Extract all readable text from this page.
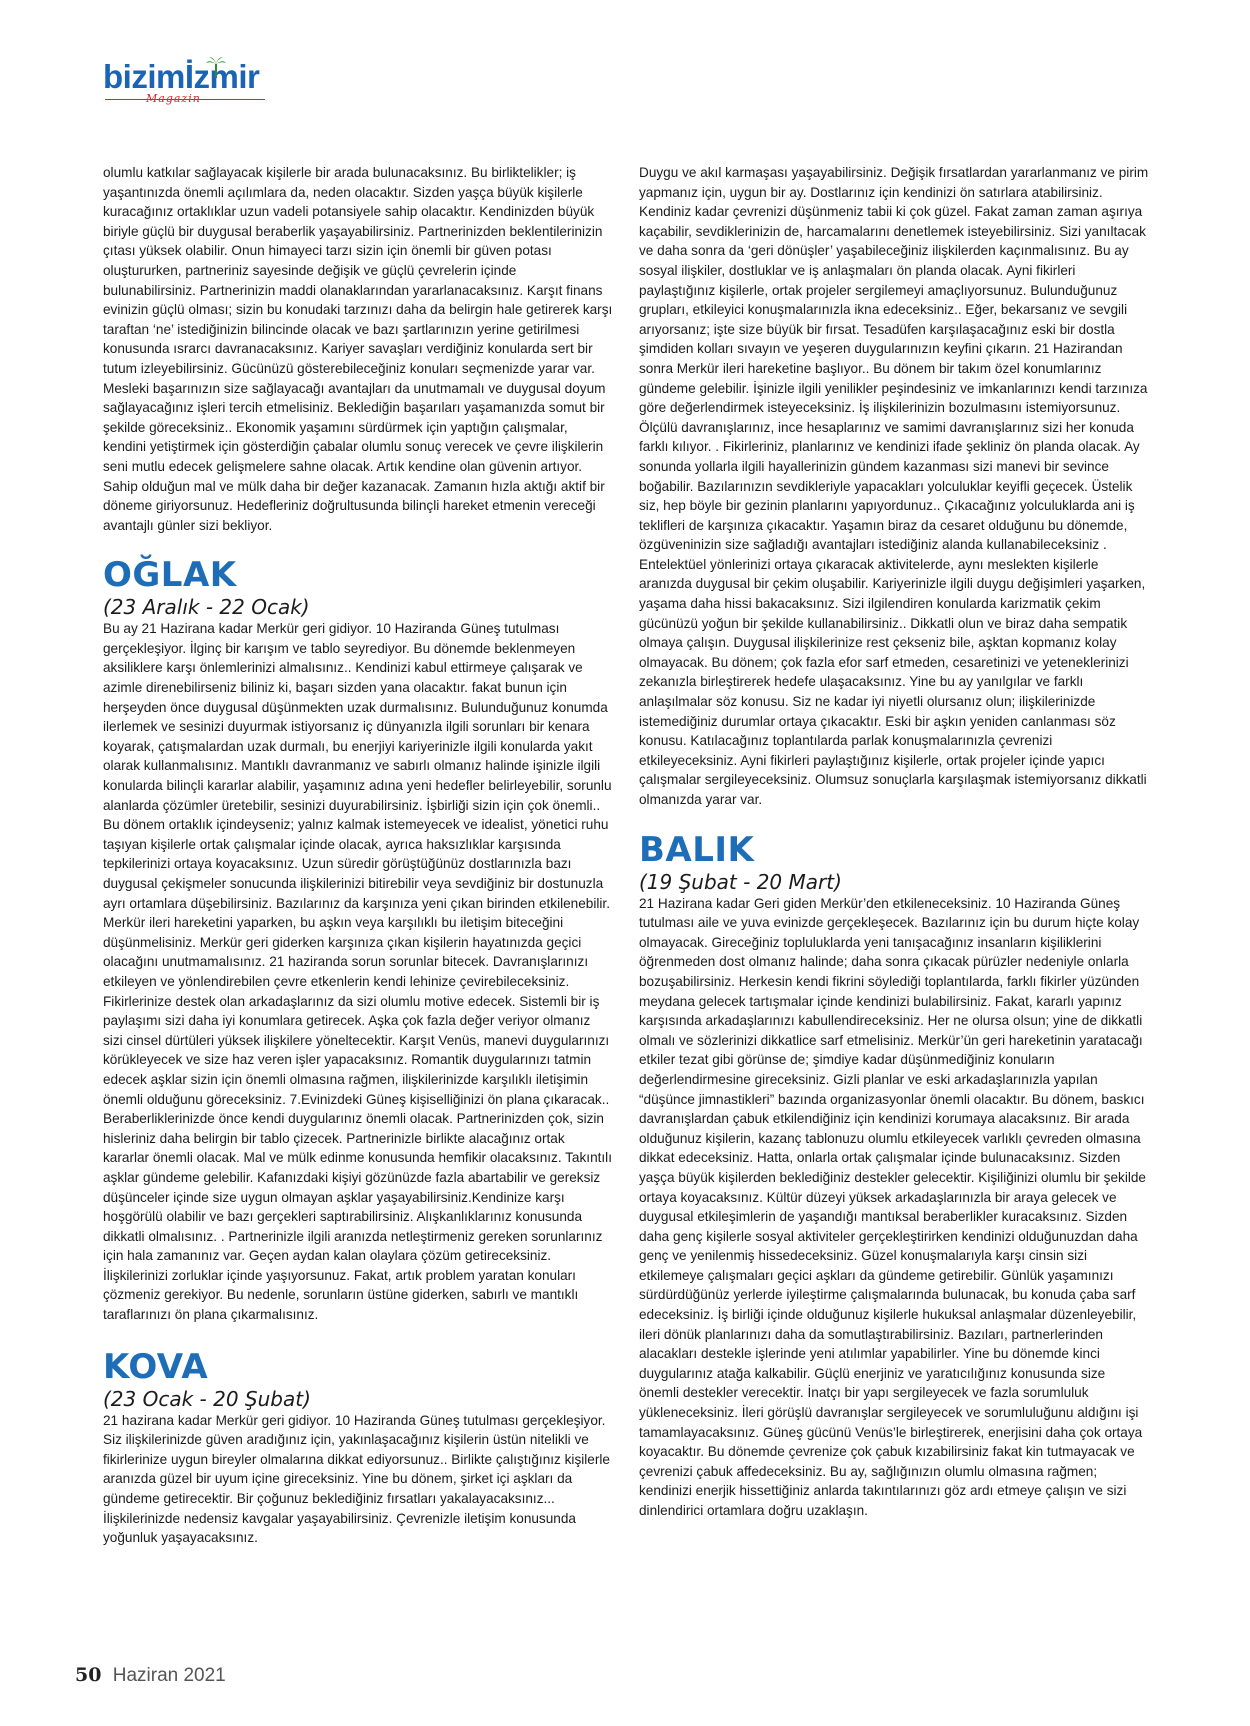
bizimİzmir
Magazin

olumlu katkılar sağlayacak kişilerle bir arada bulunacaksınız. Bu birliktelikler; iş yaşantınızda önemli açılımlara da, neden olacaktır. Sizden yaşça büyük kişilerle kuracağınız ortaklıklar uzun vadeli potansiyele sahip olacaktır. Kendinizden büyük biriyle güçlü bir duygusal beraberlik yaşayabilirsiniz. Partnerinizden beklentilerinizin çıtası yüksek olabilir. Onun himayeci tarzı sizin için önemli bir güven potası oluştururken, partneriniz sayesinde değişik ve güçlü çevrelerin içinde bulunabilirsiniz. Partnerinizin maddi olanaklarından yararlanacaksınız. Karşıt finans evinizin güçlü olması; sizin bu konudaki tarzınızı daha da belirgin hale getirerek karşı taraftan ‘ne’ istediğinizin bilincinde olacak ve bazı şartlarınızın yerine getirilmesi konusunda ısrarcı davranacaksınız. Kariyer savaşları verdiğiniz konularda sert bir tutum izleyebilirsiniz. Gücünüzü gösterebileceğiniz konuları seçmenizde yarar var. Mesleki başarınızın size sağlayacağı avantajları da unutmamalı ve duygusal doyum sağlayacağınız işleri tercih etmelisiniz. Beklediğin başarıları yaşamanızda somut bir şekilde göreceksiniz.. Ekonomik yaşamını sürdürmek için yaptığın çalışmalar, kendini yetiştirmek için gösterdiğin çabalar olumlu sonuç verecek ve çevre ilişkilerin seni mutlu edecek gelişmelere sahne olacak. Artık kendine olan güvenin artıyor. Sahip olduğun mal ve mülk daha bir değer kazanacak. Zamanın hızla aktığı aktif bir döneme giriyorsunuz. Hedefleriniz doğrultusunda bilinçli hareket etmenin vereceği avantajlı günler sizi bekliyor.

OĞLAK

(23 Aralık - 22 Ocak)

Bu ay 21 Hazirana kadar Merkür geri gidiyor. 10 Haziranda Güneş tutulması gerçekleşiyor. İlginç bir karışım ve tablo seyrediyor. Bu dönemde beklenmeyen aksiliklere karşı önlemlerinizi almalısınız.. Kendinizi kabul ettirmeye çalışarak ve azimle direnebilirseniz biliniz ki, başarı sizden yana olacaktır. fakat bunun için herşeyden önce duygusal düşünmekten uzak durmalısınız. Bulunduğunuz konumda ilerlemek ve sesinizi duyurmak istiyorsanız iç dünyanızla ilgili sorunları bir kenara koyarak, çatışmalardan uzak durmalı, bu enerjiyi kariyerinizle ilgili konularda yakıt olarak kullanmalısınız. Mantıklı davranmanız ve sabırlı olmanız halinde işinizle ilgili konularda bilinçli kararlar alabilir, yaşamınız adına yeni hedefler belirleyebilir, sorunlu alanlarda çözümler üretebilir, sesinizi duyurabilirsiniz. İşbirliği sizin için çok önemli.. Bu dönem ortaklık içindeyseniz; yalnız kalmak istemeyecek ve idealist, yönetici ruhu taşıyan kişilerle ortak çalışmalar içinde olacak, ayrıca haksızlıklar karşısında tepkilerinizi ortaya koyacaksınız. Uzun süredir görüştüğünüz dostlarınızla bazı duygusal çekişmeler sonucunda ilişkilerinizi bitirebilir veya sevdiğiniz bir dostunuzla ayrı ortamlara düşebilirsiniz. Bazılarınız da karşınıza yeni çıkan birinden etkilenebilir. Merkür ileri hareketini yaparken, bu aşkın veya karşılıklı bu iletişim biteceğini düşünmelisiniz. Merkür geri giderken karşınıza çıkan kişilerin hayatınızda geçici olacağını unutmamalısınız. 21 haziranda sorun sorunlar bitecek. Davranışlarınızı etkileyen ve yönlendirebilen çevre etkenlerin kendi lehinize çevirebileceksiniz. Fikirlerinize destek olan arkadaşlarınız da sizi olumlu motive edecek. Sistemli bir iş paylaşımı sizi daha iyi konumlara getirecek. Aşka çok fazla değer veriyor olmanız sizi cinsel dürtüleri yüksek ilişkilere yöneltecektir. Karşıt Venüs, manevi duygularınızı körükleyecek ve size haz veren işler yapacaksınız. Romantik duygularınızı tatmin edecek aşklar sizin için önemli olmasına rağmen, ilişkilerinizde karşılıklı iletişimin önemli olduğunu göreceksiniz. 7.Evinizdeki Güneş kişiselliğinizi ön plana çıkaracak.. Beraberliklerinizde önce kendi duygularınız önemli olacak. Partnerinizden çok, sizin hisleriniz daha belirgin bir tablo çizecek. Partnerinizle birlikte alacağınız ortak kararlar önemli olacak. Mal ve mülk edinme konusunda hemfikir olacaksınız. Takıntılı aşklar gündeme gelebilir. Kafanızdaki kişiyi gözünüzde fazla abartabilir ve gereksiz düşünceler içinde size uygun olmayan aşklar yaşayabilirsiniz.Kendinize karşı hoşgörülü olabilir ve bazı gerçekleri saptırabilirsiniz. Alışkanlıklarınız konusunda dikkatli olmalısınız. . Partnerinizle ilgili aranızda netleştirmeniz gereken sorunlarınız için hala zamanınız var. Geçen aydan kalan olaylara çözüm getireceksiniz. İlişkilerinizi zorluklar içinde yaşıyorsunuz. Fakat, artık problem yaratan konuları çözmeniz gerekiyor. Bu nedenle, sorunların üstüne giderken, sabırlı ve mantıklı taraflarınızı ön plana çıkarmalısınız.

KOVA

(23 Ocak - 20 Şubat)

21 hazirana kadar Merkür geri gidiyor. 10 Haziranda Güneş tutulması gerçekleşiyor. Siz ilişkilerinizde güven aradığınız için, yakınlaşacağınız kişilerin üstün nitelikli ve fikirlerinize uygun bireyler olmalarına dikkat ediyorsunuz.. Birlikte çalıştığınız kişilerle aranızda güzel bir uyum içine gireceksiniz. Yine bu dönem, şirket içi aşkları da gündeme getirecektir. Bir çoğunuz beklediğiniz fırsatları yakalayacaksınız... İlişkilerinizde nedensiz kavgalar yaşayabilirsiniz. Çevrenizle iletişim konusunda yoğunluk yaşayacaksınız.

Duygu ve akıl karmaşası yaşayabilirsiniz. Değişik fırsatlardan yararlanmanız ve pirim yapmanız için, uygun bir ay. Dostlarınız için kendinizi ön satırlara atabilirsiniz. Kendiniz kadar çevrenizi düşünmeniz tabii ki çok güzel. Fakat zaman zaman aşırıya kaçabilir, sevdiklerinizin de, harcamalarını denetlemek isteyebilirsiniz. Sizi yanıltacak ve daha sonra da ‘geri dönüşler’ yaşabileceğiniz ilişkilerden kaçınmalısınız. Bu ay sosyal ilişkiler, dostluklar ve iş anlaşmaları ön planda olacak. Ayni fikirleri paylaştığınız kişilerle, ortak projeler sergilemeyi amaçlıyorsunuz. Bulunduğunuz grupları, etkileyici konuşmalarınızla ikna edeceksiniz.. Eğer, bekarsanız ve sevgili arıyorsanız; işte size büyük bir fırsat. Tesadüfen karşılaşacağınız eski bir dostla şimdiden kolları sıvayın ve yeşeren duygularınızın keyfini çıkarın. 21 Hazirandan sonra Merkür ileri hareketine başlıyor.. Bu dönem bir takım özel konumlarınız gündeme gelebilir. İşinizle ilgili yenilikler peşindesiniz ve imkanlarınızı kendi tarzınıza göre değerlendirmek isteyeceksiniz. İş ilişkilerinizin bozulmasını istemiyorsunuz. Ölçülü davranışlarınız, ince hesaplarınız ve samimi davranışlarınız sizi her konuda farklı kılıyor. . Fikirleriniz, planlarınız ve kendinizi ifade şekliniz ön planda olacak. Ay sonunda yollarla ilgili hayallerinizin gündem kazanması sizi manevi bir sevince boğabilir. Bazılarınızın sevdikleriyle yapacakları yolculuklar keyifli geçecek. Üstelik siz, hep böyle bir gezinin planlarını yapıyordunuz.. Çıkacağınız yolculuklarda ani iş teklifleri de karşınıza çıkacaktır. Yaşamın biraz da cesaret olduğunu bu dönemde, özgüveninizin size sağladığı avantajları istediğiniz alanda kullanabileceksiniz . Entelektüel yönlerinizi ortaya çıkaracak aktivitelerde, aynı meslekten kişilerle aranızda duygusal bir çekim oluşabilir. Kariyerinizle ilgili duygu değişimleri yaşarken, yaşama daha hissi bakacaksınız. Sizi ilgilendiren konularda karizmatik çekim gücünüzü yoğun bir şekilde kullanabilirsiniz.. Dikkatli olun ve biraz daha sempatik olmaya çalışın. Duygusal ilişkilerinize rest çekseniz bile, aşktan kopmanız kolay olmayacak. Bu dönem; çok fazla efor sarf etmeden, cesaretinizi ve yeteneklerinizi zekanızla birleştirerek hedefe ulaşacaksınız. Yine bu ay yanılgılar ve farklı anlaşılmalar söz konusu. Siz ne kadar iyi niyetli olursanız olun; ilişkilerinizde istemediğiniz durumlar ortaya çıkacaktır. Eski bir aşkın yeniden canlanması söz konusu. Katılacağınız toplantılarda parlak konuşmalarınızla çevrenizi etkileyeceksiniz. Ayni fikirleri paylaştığınız kişilerle, ortak projeler içinde yapıcı çalışmalar sergileyeceksiniz. Olumsuz sonuçlarla karşılaşmak istemiyorsanız dikkatli olmanızda yarar var.

BALIK

(19 Şubat - 20 Mart)

21 Hazirana kadar Geri giden Merkür’den etkileneceksiniz. 10 Haziranda Güneş tutulması aile ve yuva evinizde gerçekleşecek. Bazılarınız için bu durum hiçte kolay olmayacak. Gireceğiniz topluluklarda yeni tanışacağınız insanların kişiliklerini öğrenmeden dost olmanız halinde; daha sonra çıkacak pürüzler nedeniyle onlarla bozuşabilirsiniz. Herkesin kendi fikrini söylediği toplantılarda, farklı fikirler yüzünden meydana gelecek tartışmalar içinde kendinizi bulabilirsiniz. Fakat, kararlı yapınız karşısında arkadaşlarınızı kabullendireceksiniz. Her ne olursa olsun; yine de dikkatli olmalı ve sözlerinizi dikkatlice sarf etmelisiniz. Merkür’ün geri hareketinin yaratacağı etkiler tezat gibi görünse de; şimdiye kadar düşünmediğiniz konuların değerlendirmesine gireceksiniz. Gizli planlar ve eski arkadaşlarınızla yapılan “düşünce jimnastikleri” bazında organizasyonlar önemli olacaktır. Bu dönem, baskıcı davranışlardan çabuk etkilendiğiniz için kendinizi korumaya alacaksınız. Bir arada olduğunuz kişilerin, kazanç tablonuzu olumlu etkileyecek varlıklı çevreden olmasına dikkat edeceksiniz. Hatta, onlarla ortak çalışmalar içinde bulunacaksınız. Sizden yaşça büyük kişilerden beklediğiniz destekler gelecektir. Kişiliğinizi olumlu bir şekilde ortaya koyacaksınız. Kültür düzeyi yüksek arkadaşlarınızla bir araya gelecek ve duygusal etkileşimlerin de yaşandığı mantıksal beraberlikler kuracaksınız. Sizden daha genç kişilerle sosyal aktiviteler gerçekleştirirken kendinizi olduğunuzdan daha genç ve yenilenmiş hissedeceksiniz. Güzel konuşmalarıyla karşı cinsin sizi etkilemeye çalışmaları geçici aşkları da gündeme getirebilir. Günlük yaşamınızı sürdürdüğünüz yerlerde iyileştirme çalışmalarında bulunacak, bu konuda çaba sarf edeceksiniz. İş birliği içinde olduğunuz kişilerle hukuksal anlaşmalar düzenleyebilir, ileri dönük planlarınızı daha da somutlaştırabilirsiniz. Bazıları, partnerlerinden alacakları destekle işlerinde yeni atılımlar yapabilirler. Yine bu dönemde kinci duygularınız atağa kalkabilir. Güçlü enerjiniz ve yaratıcılığınız konusunda size önemli destekler verecektir. İnatçı bir yapı sergileyecek ve fazla sorumluluk yükleneceksiniz. İleri görüşlü davranışlar sergileyecek ve sorumluluğunu aldığını işi tamamlayacaksınız. Güneş gücünü Venüs’le birleştirerek, enerjisini daha çok ortaya koyacaktır. Bu dönemde çevrenize çok çabuk kızabilirsiniz fakat kin tutmayacak ve çevrenizi çabuk affedeceksiniz. Bu ay, sağlığınızın olumlu olmasına rağmen; kendinizi enerjik hissettiğiniz anlarda takıntılarınızı göz ardı etmeye çalışın ve sizi dinlendirici ortamlara doğru uzaklaşın.

50 Haziran 2021
